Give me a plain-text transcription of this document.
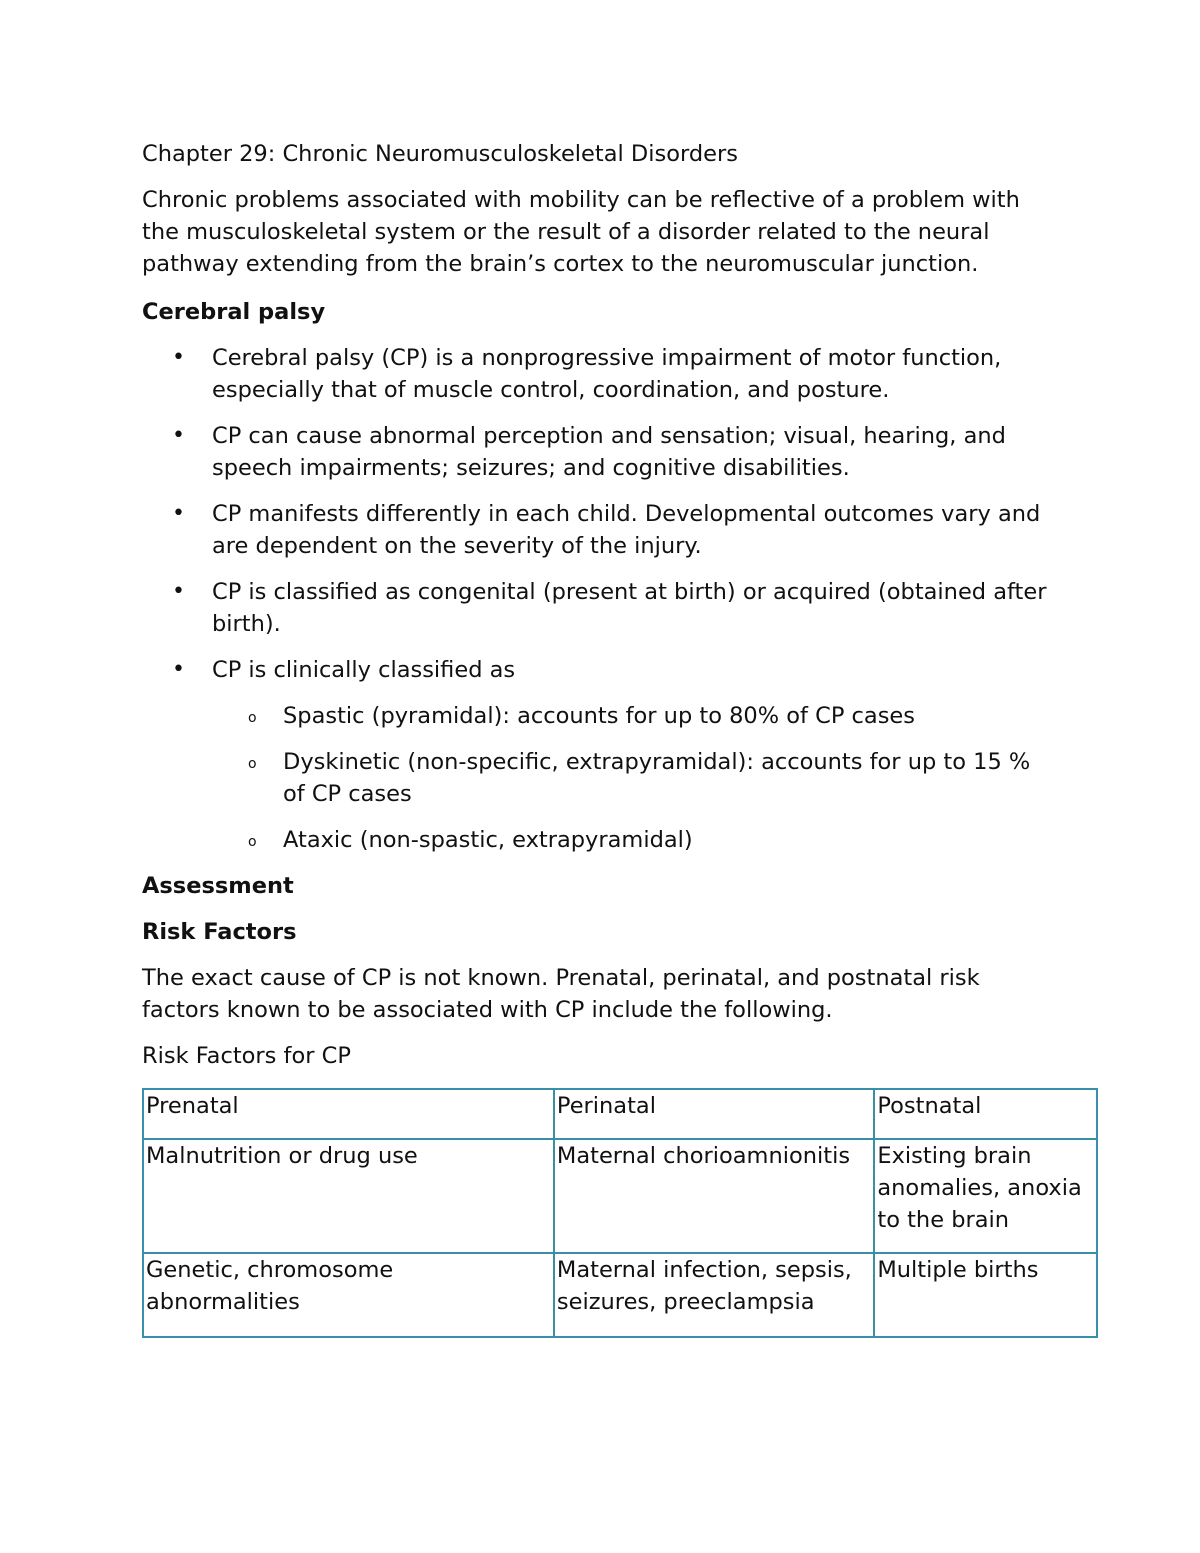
Chapter 29: Chronic Neuromusculoskeletal Disorders

Chronic problems associated with mobility can be reflective of a problem with the musculoskeletal system or the result of a disorder related to the neural pathway extending from the brain’s cortex to the neuromuscular junction.

Cerebral palsy

• Cerebral palsy (CP) is a nonprogressive impairment of motor function, especially that of muscle control, coordination, and posture.
• CP can cause abnormal perception and sensation; visual, hearing, and speech impairments; seizures; and cognitive disabilities.
• CP manifests differently in each child. Developmental outcomes vary and are dependent on the severity of the injury.
• CP is classified as congenital (present at birth) or acquired (obtained after birth).
• CP is clinically classified as
o Spastic (pyramidal): accounts for up to 80% of CP cases
o Dyskinetic (non-specific, extrapyramidal): accounts for up to 15 % of CP cases
o Ataxic (non-spastic, extrapyramidal)

Assessment

Risk Factors

The exact cause of CP is not known. Prenatal, perinatal, and postnatal risk factors known to be associated with CP include the following.

Risk Factors for CP

Prenatal	Perinatal	Postnatal
Malnutrition or drug use	Maternal chorioamnionitis	Existing brain anomalies, anoxia to the brain
Genetic, chromosome abnormalities	Maternal infection, sepsis, seizures, preeclampsia	Multiple births
